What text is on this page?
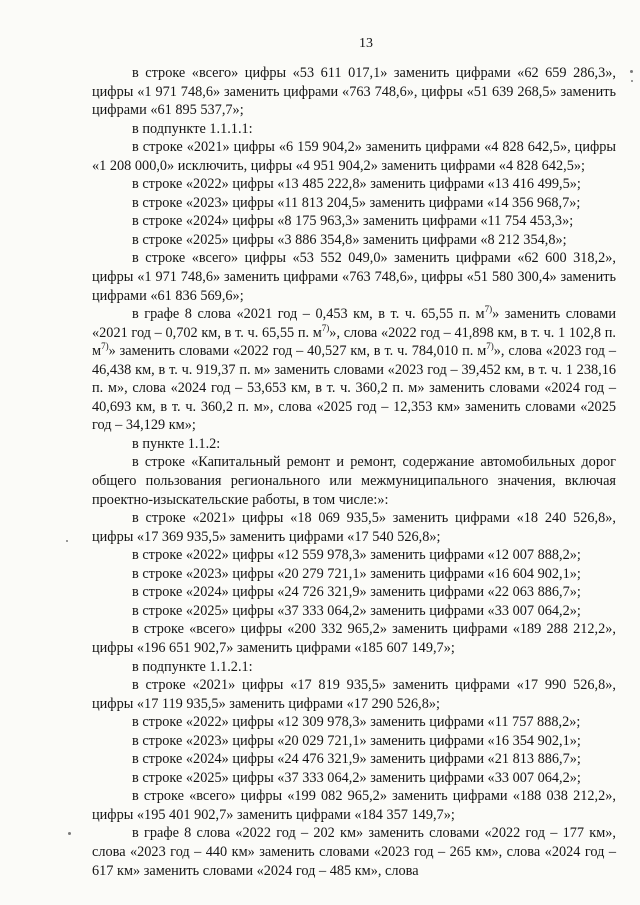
13

в строке «всего» цифры «53 611 017,1» заменить цифрами «62 659 286,3», цифры «1 971 748,6» заменить цифрами «763 748,6», цифры «51 639 268,5» заменить цифрами «61 895 537,7»;

в подпункте 1.1.1.1:

в строке «2021» цифры «6 159 904,2» заменить цифрами «4 828 642,5», цифры «1 208 000,0» исключить, цифры «4 951 904,2» заменить цифрами «4 828 642,5»;

в строке «2022» цифры «13 485 222,8» заменить цифрами «13 416 499,5»;

в строке «2023» цифры «11 813 204,5» заменить цифрами «14 356 968,7»;

в строке «2024» цифры «8 175 963,3» заменить цифрами «11 754 453,3»;

в строке «2025» цифры «3 886 354,8» заменить цифрами «8 212 354,8»;

в строке «всего» цифры «53 552 049,0» заменить цифрами «62 600 318,2», цифры «1 971 748,6» заменить цифрами «763 748,6», цифры «51 580 300,4» заменить цифрами «61 836 569,6»;

в графе 8 слова «2021 год – 0,453 км, в т. ч. 65,55 п. $м^{7)}$» заменить словами «2021 год – 0,702 км, в т. ч. 65,55 п. $м^{7)}$», слова «2022 год – 41,898 км, в т. ч. 1 102,8 п. $м^{7)}$» заменить словами «2022 год – 40,527 км, в т. ч. 784,010 п. $м^{7)}$», слова «2023 год – 46,438 км, в т. ч. 919,37 п. м» заменить словами «2023 год – 39,452 км, в т. ч. 1 238,16 п. м», слова «2024 год – 53,653 км, в т. ч. 360,2 п. м» заменить словами «2024 год – 40,693 км, в т. ч. 360,2 п. м», слова «2025 год – 12,353 км» заменить словами «2025 год – 34,129 км»;

в пункте 1.1.2:

в строке «Капитальный ремонт и ремонт, содержание автомобильных дорог общего пользования регионального или межмуниципального значения, включая проектно-изыскательские работы, в том числе:»:

в строке «2021» цифры «18 069 935,5» заменить цифрами «18 240 526,8», цифры «17 369 935,5» заменить цифрами «17 540 526,8»;

в строке «2022» цифры «12 559 978,3» заменить цифрами «12 007 888,2»;

в строке «2023» цифры «20 279 721,1» заменить цифрами «16 604 902,1»;

в строке «2024» цифры «24 726 321,9» заменить цифрами «22 063 886,7»;

в строке «2025» цифры «37 333 064,2» заменить цифрами «33 007 064,2»;

в строке «всего» цифры «200 332 965,2» заменить цифрами «189 288 212,2», цифры «196 651 902,7» заменить цифрами «185 607 149,7»;

в подпункте 1.1.2.1:

в строке «2021» цифры «17 819 935,5» заменить цифрами «17 990 526,8», цифры «17 119 935,5» заменить цифрами «17 290 526,8»;

в строке «2022» цифры «12 309 978,3» заменить цифрами «11 757 888,2»;

в строке «2023» цифры «20 029 721,1» заменить цифрами «16 354 902,1»;

в строке «2024» цифры «24 476 321,9» заменить цифрами «21 813 886,7»;

в строке «2025» цифры «37 333 064,2» заменить цифрами «33 007 064,2»;

в строке «всего» цифры «199 082 965,2» заменить цифрами «188 038 212,2», цифры «195 401 902,7» заменить цифрами «184 357 149,7»;

в графе 8 слова «2022 год – 202 км» заменить словами «2022 год – 177 км», слова «2023 год – 440 км» заменить словами «2023 год – 265 км», слова «2024 год – 617 км» заменить словами «2024 год – 485 км», слова
